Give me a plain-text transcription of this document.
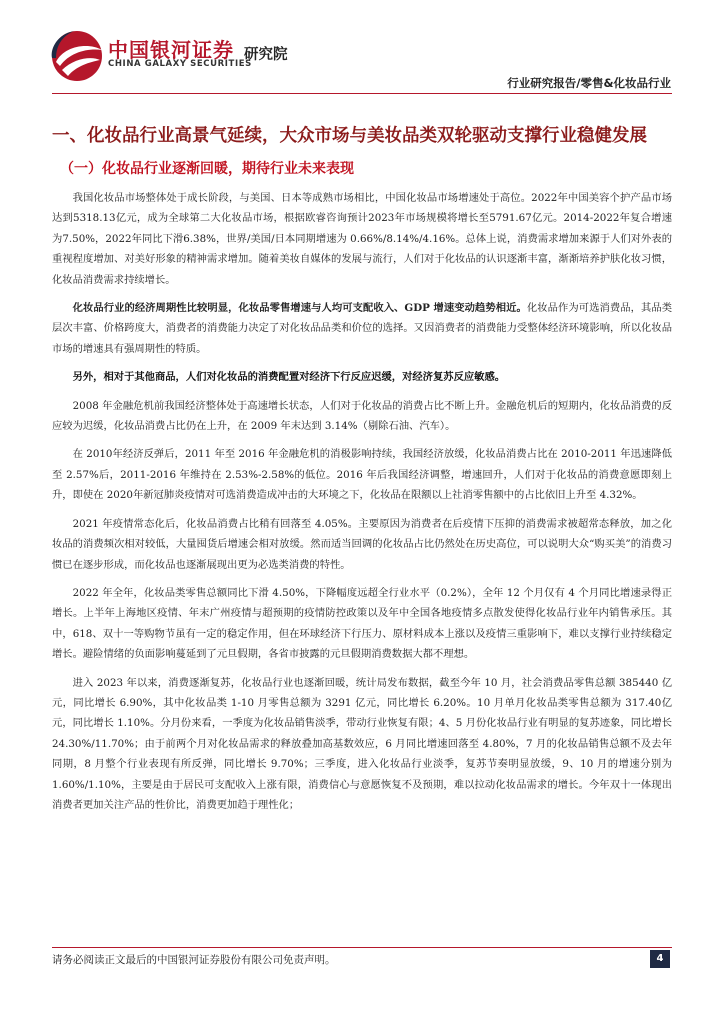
中国银河证券
CHINA GALAXY SECURITIES
研究院
行业研究报告/零售&化妆品行业
一、化妆品行业高景气延续，大众市场与美妆品类双轮驱动支撑行业稳健发展
（一）化妆品行业逐渐回暖，期待行业未来表现

我国化妆品市场整体处于成长阶段，与美国、日本等成熟市场相比，中国化妆品市场增速处于高位。2022年中国美容个护产品市场达到5318.13亿元，成为全球第二大化妆品市场，根据欧睿咨询预计2023年市场规模将增长至5791.67亿元。2014-2022年复合增速为7.50%，2022年同比下滑6.38%，世界/美国/日本同期增速为 0.66%/8.14%/4.16%。总体上说，消费需求增加来源于人们对外表的重视程度增加、对美好形象的精神需求增加。随着美妆自媒体的发展与流行，人们对于化妆品的认识逐渐丰富，渐渐培养护肤化妆习惯，化妆品消费需求持续增长。

化妆品行业的经济周期性比较明显，化妆品零售增速与人均可支配收入、GDP 增速变动趋势相近。化妆品作为可选消费品，其品类层次丰富、价格跨度大，消费者的消费能力决定了对化妆品品类和价位的选择。又因消费者的消费能力受整体经济环境影响，所以化妆品市场的增速具有强周期性的特质。

另外，相对于其他商品，人们对化妆品的消费配置对经济下行反应迟缓，对经济复苏反应敏感。

2008 年金融危机前我国经济整体处于高速增长状态，人们对于化妆品的消费占比不断上升。金融危机后的短期内，化妆品消费的反应较为迟缓，化妆品消费占比仍在上升，在 2009 年末达到 3.14%（剔除石油、汽车）。

在 2010年经济反弹后，2011 年至 2016 年金融危机的消极影响持续，我国经济放缓，化妆品消费占比在 2010-2011 年迅速降低至 2.57%后，2011-2016 年维持在 2.53%-2.58%的低位。2016 年后我国经济调整，增速回升，人们对于化妆品的消费意愿即刻上升，即使在 2020年新冠肺炎疫情对可选消费造成冲击的大环境之下，化妆品在限额以上社消零售额中的占比依旧上升至 4.32%。

2021 年疫情常态化后，化妆品消费占比稍有回落至 4.05%。主要原因为消费者在后疫情下压抑的消费需求被超常态释放，加之化妆品的消费频次相对较低，大量囤货后增速会相对放缓。然而适当回调的化妆品占比仍然处在历史高位，可以说明大众“购买美”的消费习惯已在逐步形成，而化妆品也逐渐展现出更为必选类消费的特性。

2022 年全年，化妆品类零售总额同比下滑 4.50%，下降幅度远超全行业水平（0.2%），全年 12 个月仅有 4 个月同比增速录得正增长。上半年上海地区疫情、年末广州疫情与超预期的疫情防控政策以及年中全国各地疫情多点散发使得化妆品行业年内销售承压。其中，618、双十一等购物节虽有一定的稳定作用，但在环球经济下行压力、原材料成本上涨以及疫情三重影响下，难以支撑行业持续稳定增长。避险情绪的负面影响蔓延到了元旦假期，各省市披露的元旦假期消费数据大都不理想。

进入 2023 年以来，消费逐渐复苏，化妆品行业也逐渐回暖，统计局发布数据，截至今年 10 月，社会消费品零售总额 385440 亿元，同比增长 6.90%，其中化妆品类 1-10 月零售总额为 3291 亿元，同比增长 6.20%。10 月单月化妆品类零售总额为 317.40亿元，同比增长 1.10%。分月份来看，一季度为化妆品销售淡季，带动行业恢复有限；4、5 月份化妆品行业有明显的复苏迹象，同比增长 24.30%/11.70%；由于前两个月对化妆品需求的释放叠加高基数效应，6 月同比增速回落至 4.80%，7 月的化妆品销售总额不及去年同期，8 月整个行业表现有所反弹，同比增长 9.70%；三季度，进入化妆品行业淡季，复苏节奏明显放缓，9、10 月的增速分别为 1.60%/1.10%，主要是由于居民可支配收入上涨有限，消费信心与意愿恢复不及预期，难以拉动化妆品需求的增长。今年双十一体现出消费者更加关注产品的性价比，消费更加趋于理性化；

请务必阅读正文最后的中国银河证券股份有限公司免责声明。	4
